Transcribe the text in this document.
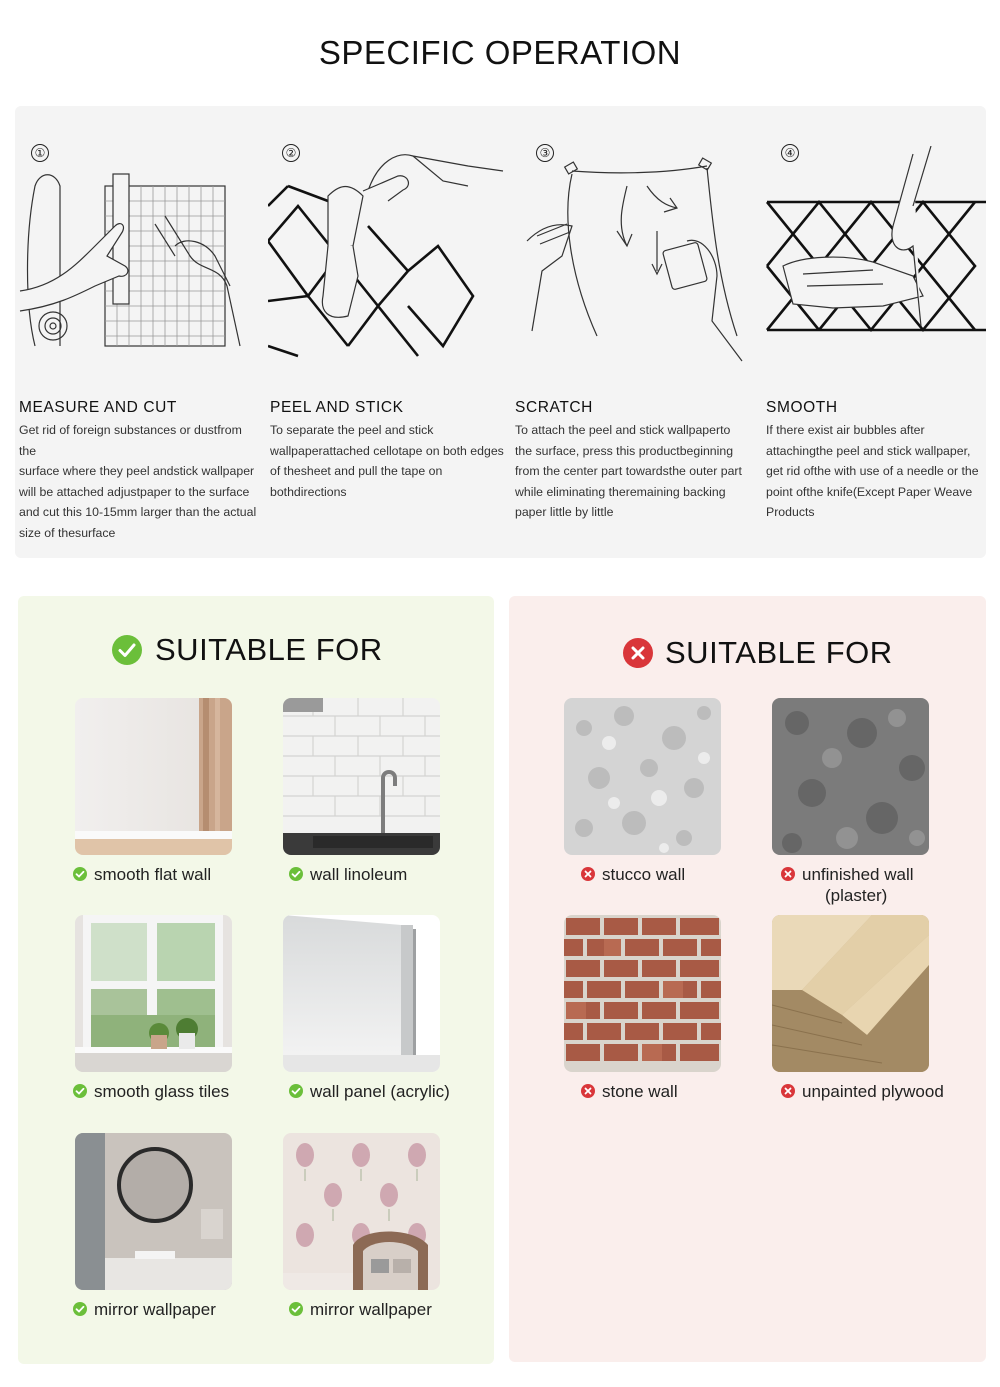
SPECIFIC OPERATION
①
MEASURE AND CUT
Get rid of foreign substances or dustfrom the
surface where they peel andstick wallpaper
will be attached adjustpaper to the surface
and cut this 10-15mm larger than the actual
size of thesurface
②
PEEL AND STICK
To separate the peel and stick
wallpaperattached cellotape on both edges
of thesheet and pull the tape on
bothdirections
③
SCRATCH
To attach the peel and stick wallpaperto
the surface, press this productbeginning
from the center part towardsthe outer part
while eliminating theremaining backing
paper little by little
④
SMOOTH
If there exist air bubbles after
attachingthe peel and stick wallpaper,
get rid ofthe with use of a needle or the
point ofthe knife(Except Paper Weave
Products
SUITABLE FOR
smooth flat wall	wall linoleum
smooth glass tiles	wall panel (acrylic)
mirror wallpaper	mirror wallpaper
SUITABLE FOR
stucco wall	unfinished wall
(plaster)
stone wall	unpainted plywood
